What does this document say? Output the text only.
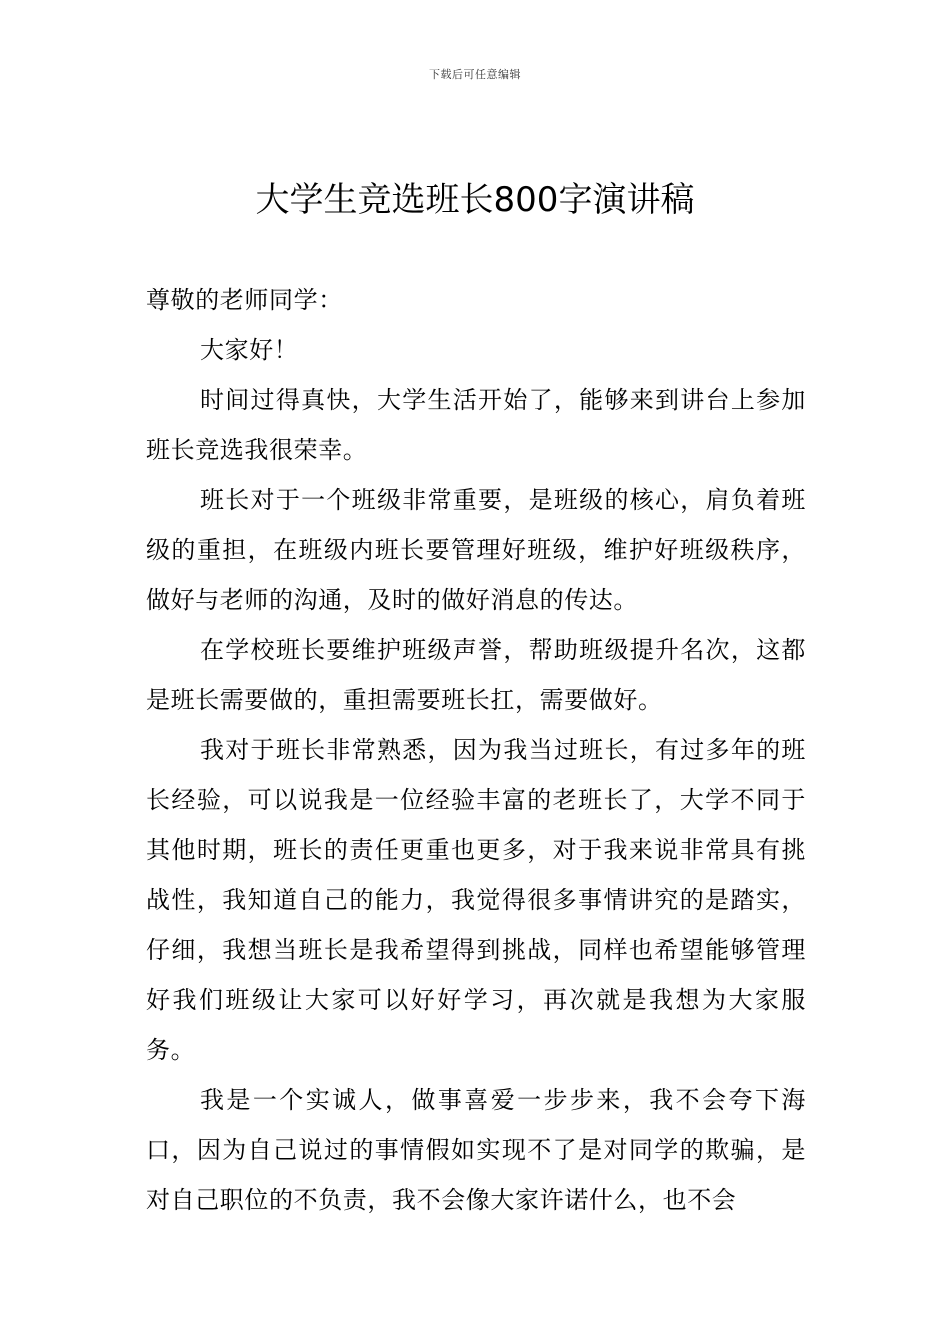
下载后可任意编辑
大学生竞选班长800字演讲稿

尊敬的老师同学：

大家好！

时间过得真快，大学生活开始了，能够来到讲台上参加班长竞选我很荣幸。

班长对于一个班级非常重要，是班级的核心，肩负着班级的重担，在班级内班长要管理好班级，维护好班级秩序，做好与老师的沟通，及时的做好消息的传达。

在学校班长要维护班级声誉，帮助班级提升名次，这都是班长需要做的，重担需要班长扛，需要做好。

我对于班长非常熟悉，因为我当过班长，有过多年的班长经验，可以说我是一位经验丰富的老班长了，大学不同于其他时期，班长的责任更重也更多，对于我来说非常具有挑战性，我知道自己的能力，我觉得很多事情讲究的是踏实，仔细，我想当班长是我希望得到挑战，同样也希望能够管理好我们班级让大家可以好好学习，再次就是我想为大家服务。

我是一个实诚人，做事喜爱一步步来，我不会夸下海口，因为自己说过的事情假如实现不了是对同学的欺骗，是对自己职位的不负责，我不会像大家许诺什么，也不会
